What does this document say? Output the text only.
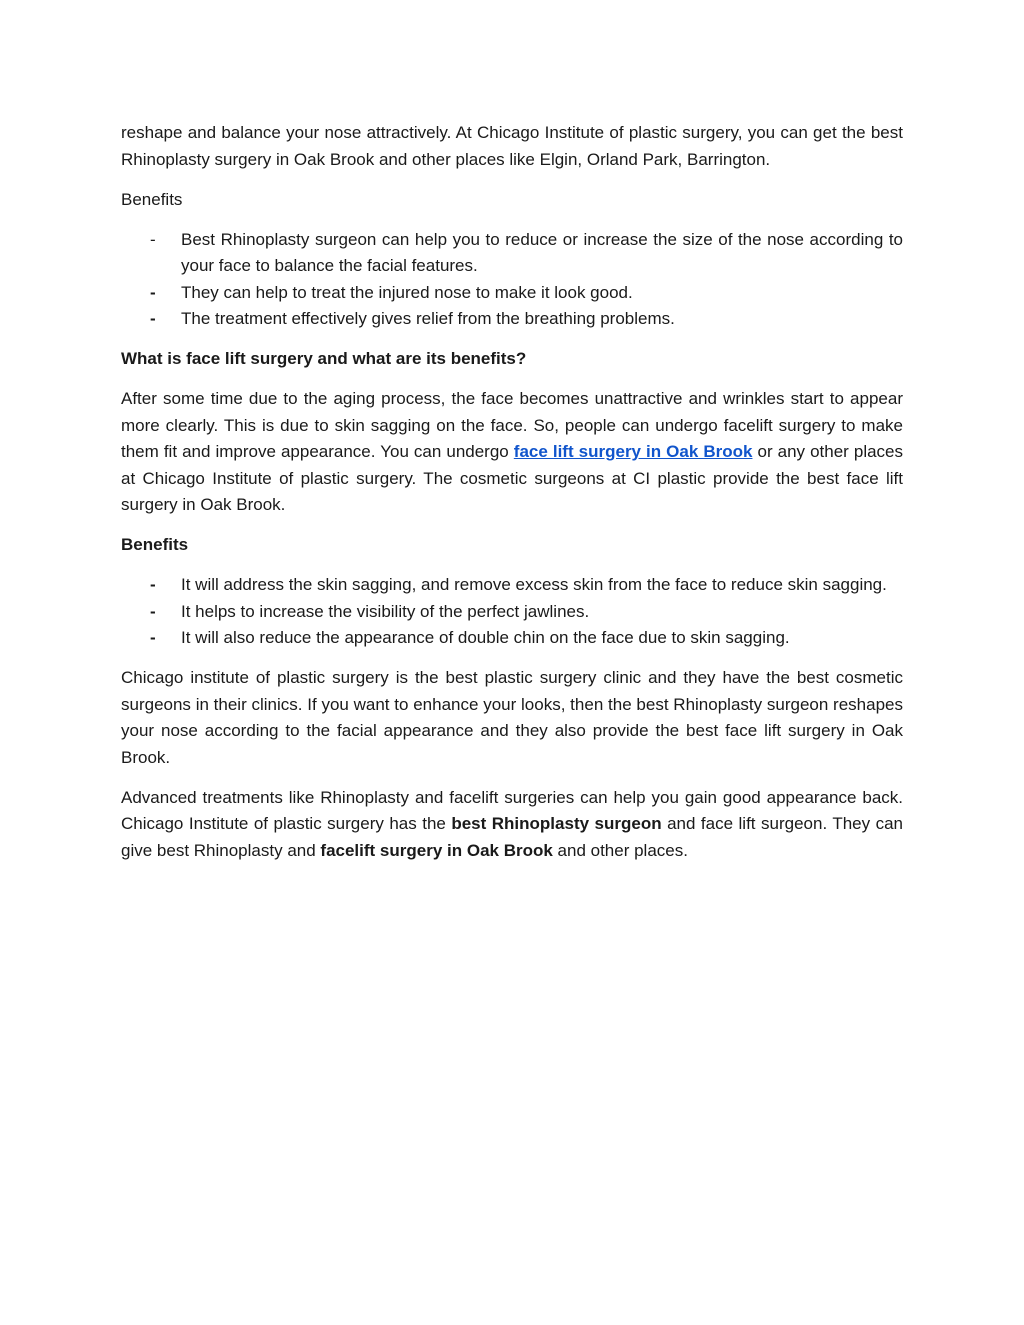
reshape and balance your nose attractively. At Chicago Institute of plastic surgery, you can get the best Rhinoplasty surgery in Oak Brook and other places like Elgin, Orland Park, Barrington.

Benefits

- Best Rhinoplasty surgeon can help you to reduce or increase the size of the nose according to your face to balance the facial features.
- They can help to treat the injured nose to make it look good.
- The treatment effectively gives relief from the breathing problems.

What is face lift surgery and what are its benefits?

After some time due to the aging process, the face becomes unattractive and wrinkles start to appear more clearly. This is due to skin sagging on the face. So, people can undergo facelift surgery to make them fit and improve appearance. You can undergo face lift surgery in Oak Brook or any other places at Chicago Institute of plastic surgery. The cosmetic surgeons at CI plastic provide the best face lift surgery in Oak Brook.

Benefits

- It will address the skin sagging, and remove excess skin from the face to reduce skin sagging.
- It helps to increase the visibility of the perfect jawlines.
- It will also reduce the appearance of double chin on the face due to skin sagging.

Chicago institute of plastic surgery is the best plastic surgery clinic and they have the best cosmetic surgeons in their clinics. If you want to enhance your looks, then the best Rhinoplasty surgeon reshapes your nose according to the facial appearance and they also provide the best face lift surgery in Oak Brook.

Advanced treatments like Rhinoplasty and facelift surgeries can help you gain good appearance back. Chicago Institute of plastic surgery has the best Rhinoplasty surgeon and face lift surgeon. They can give best Rhinoplasty and facelift surgery in Oak Brook and other places.
